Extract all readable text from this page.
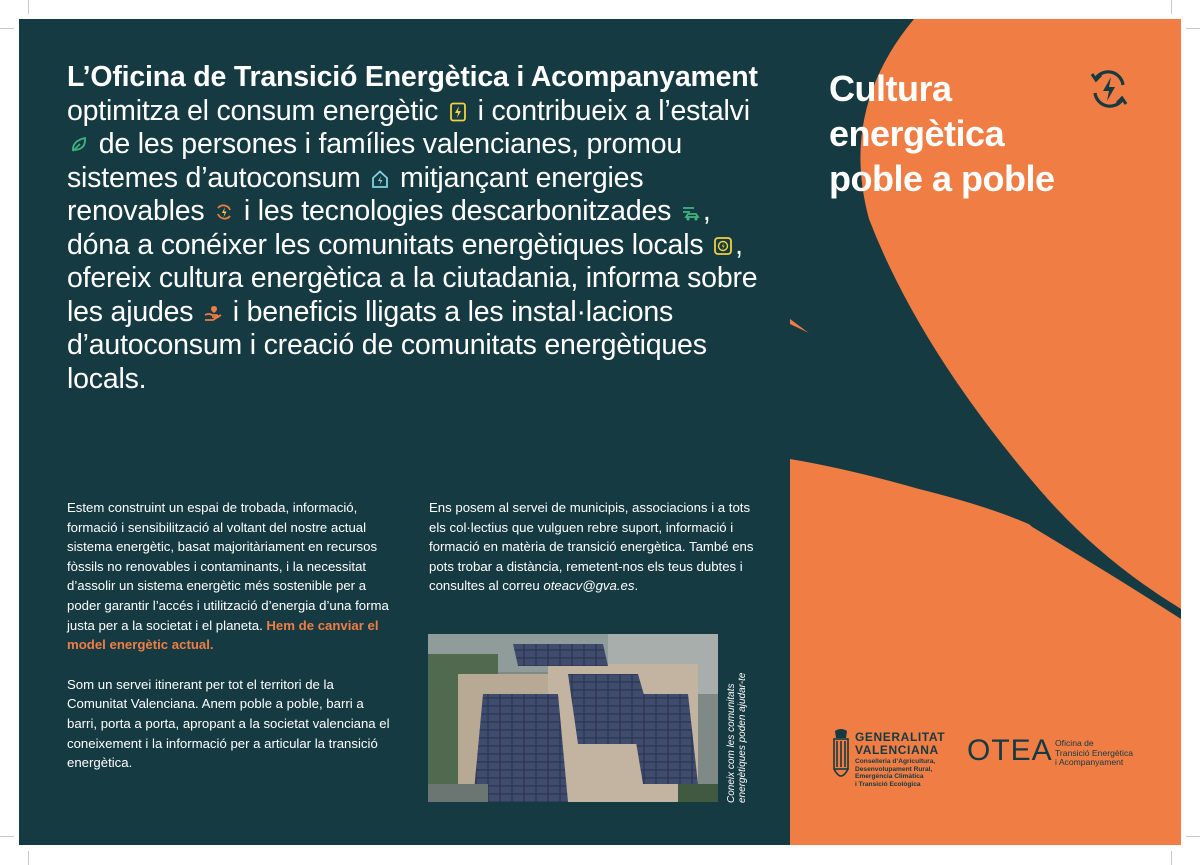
L’Oficina de Transició Energètica i Acompanyament optimitza el consum energètic  i contribueix a l’estalvi  de les persones i famílies valencianes, promou sistemes d’autoconsum  mitjançant energies renovables  i les tecnologies descarbonitzades , dóna a conéixer les comunitats energètiques locals , ofereix cultura energètica a la ciutadania, informa sobre les ajudes  i beneficis lligats a les instal·lacions d’autoconsum i creació de comunitats energètiques locals.

Estem construint un espai de trobada, informació, formació i sensibilització al voltant del nostre actual sistema energètic, basat majoritàriament en recursos fòssils no renovables i contaminants, i la necessitat d’assolir un sistema energètic més sostenible per a poder garantir l’accés i utilització d’energia d’una forma justa per a la societat i el planeta. Hem de canviar el model energètic actual.

Som un servei itinerant per tot el territori de la Comunitat Valenciana. Anem poble a poble, barri a barri, porta a porta, apropant a la societat valenciana el coneixement i la informació per a articular la transició energètica.

Ens posem al servei de municipis, associacions i a tots els col·lectius que vulguen rebre suport, informació i formació en matèria de transició energètica. També ens pots trobar a distància, remetent-nos els teus dubtes i consultes al correu oteacv@gva.es.

Coneix com les comunitats energètiques poden ajudar-te
Cultura
energètica
poble a poble
GENERALITAT
VALENCIANA
Conselleria d’Agricultura,
Desenvolupament Rural,
Emergència Climàtica
i Transició Ecològica
OTEA Oficina de
Transició Energètica
i Acompanyament
